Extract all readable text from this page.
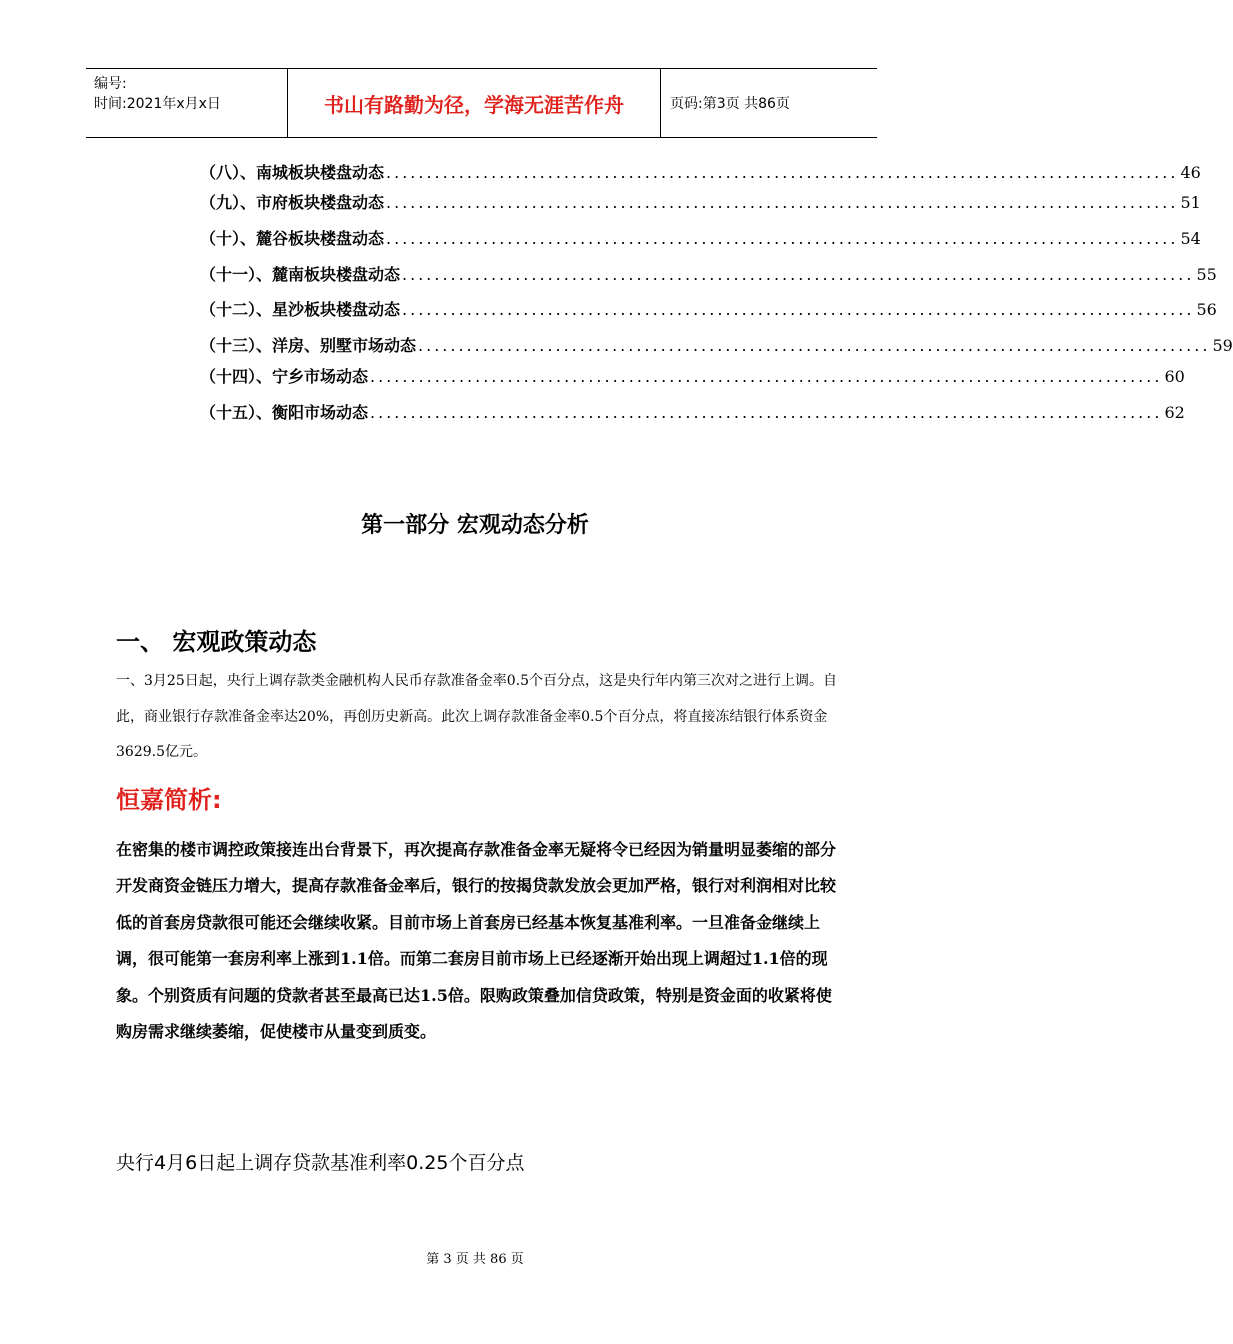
编号:
时间:2021年x月x日	书山有路勤为径，学海无涯苦作舟	页码:第3页 共86页
（八）、南城板块楼盘动态 .................................................................................................. 46
（九）、市府板块楼盘动态 .................................................................................................. 51
（十）、麓谷板块楼盘动态 .................................................................................................. 54
（十一）、麓南板块楼盘动态 .................................................................................................. 55
（十二）、星沙板块楼盘动态 .................................................................................................. 56
（十三）、洋房、别墅市场动态 .................................................................................................. 59
（十四）、宁乡市场动态 .................................................................................................. 60
（十五）、衡阳市场动态 .................................................................................................. 62
第一部分 宏观动态分析
一、 宏观政策动态
一、3月25日起，央行上调存款类金融机构人民币存款准备金率0.5个百分点，这是央行年内第三次对之进行上调。自此，商业银行存款准备金率达20%，再创历史新高。此次上调存款准备金率0.5个百分点，将直接冻结银行体系资金3629.5亿元。
恒嘉简析:
在密集的楼市调控政策接连出台背景下，再次提高存款准备金率无疑将令已经因为销量明显萎缩的部分开发商资金链压力增大，提高存款准备金率后，银行的按揭贷款发放会更加严格，银行对利润相对比较低的首套房贷款很可能还会继续收紧。目前市场上首套房已经基本恢复基准利率。一旦准备金继续上调，很可能第一套房利率上涨到1.1倍。而第二套房目前市场上已经逐渐开始出现上调超过1.1倍的现象。个别资质有问题的贷款者甚至最高已达1.5倍。限购政策叠加信贷政策，特别是资金面的收紧将使购房需求继续萎缩，促使楼市从量变到质变。
央行4月6日起上调存贷款基准利率0.25个百分点
第 3 页 共 86 页
